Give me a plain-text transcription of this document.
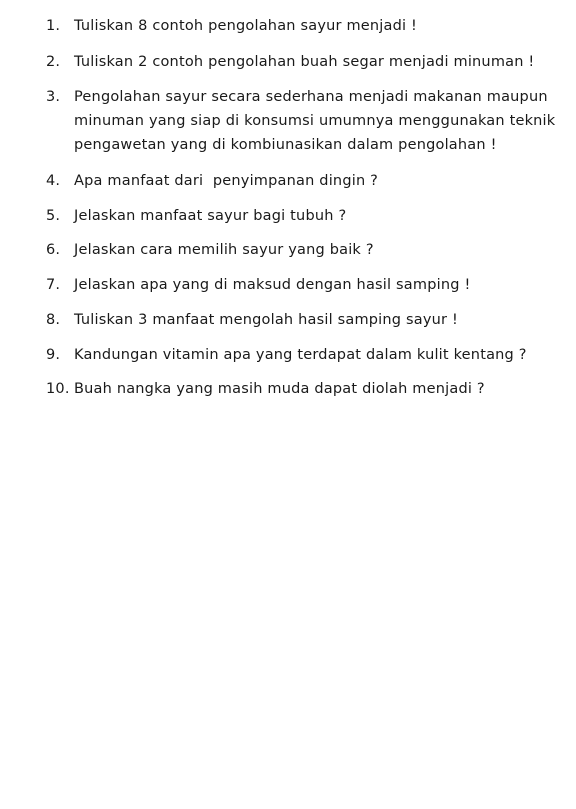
1. Tuliskan 8 contoh pengolahan sayur menjadi !
2. Tuliskan 2 contoh pengolahan buah segar menjadi minuman !
3. Pengolahan sayur secara sederhana menjadi makanan maupun minuman yang siap di konsumsi umumnya menggunakan teknik pengawetan yang di kombiunasikan dalam pengolahan !
4. Apa manfaat dari  penyimpanan dingin ?
5. Jelaskan manfaat sayur bagi tubuh ?
6. Jelaskan cara memilih sayur yang baik ?
7. Jelaskan apa yang di maksud dengan hasil samping !
8. Tuliskan 3 manfaat mengolah hasil samping sayur !
9. Kandungan vitamin apa yang terdapat dalam kulit kentang ?
10. Buah nangka yang masih muda dapat diolah menjadi ?
